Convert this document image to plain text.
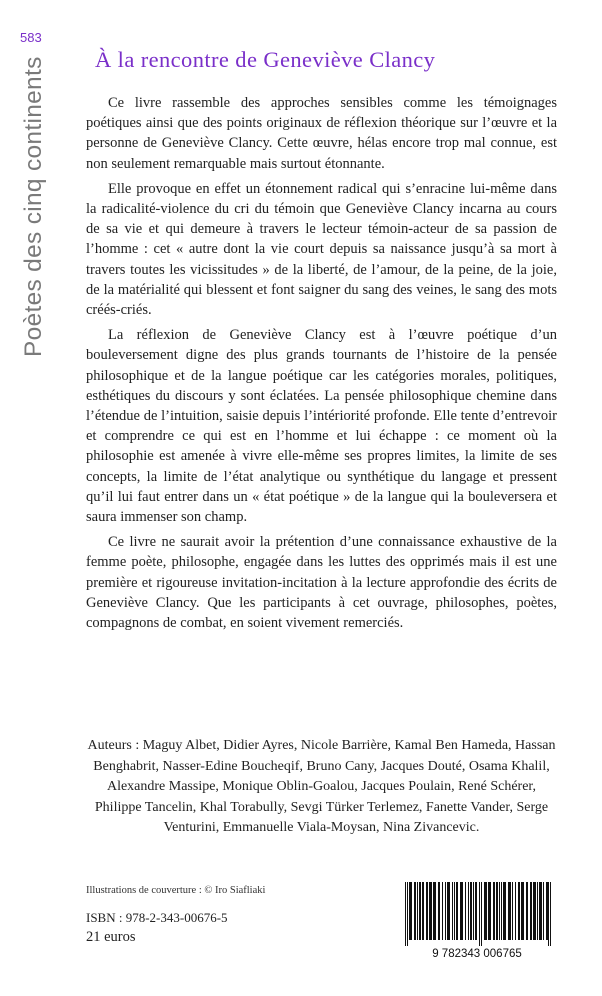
583
Poètes des cinq continents	À la rencontre de Geneviève Clancy

Ce livre rassemble des approches sensibles comme les témoignages poétiques ainsi que des points originaux de réflexion théorique sur l’œuvre et la personne de Geneviève Clancy. Cette œuvre, hélas encore trop mal connue, est non seulement remarquable mais surtout étonnante.

Elle provoque en effet un étonnement radical qui s’enracine lui-même dans la radicalité-violence du cri du témoin que Geneviève Clancy incarna au cours de sa vie et qui demeure à travers le lecteur témoin-acteur de sa passion de l’homme : cet « autre dont la vie court depuis sa naissance jusqu’à sa mort à travers toutes les vicissitudes » de la liberté, de l’amour, de la peine, de la joie, de la matérialité qui blessent et font saigner du sang des veines, le sang des mots créés-criés.

La réflexion de Geneviève Clancy est à l’œuvre poétique d’un bouleversement digne des plus grands tournants de l’histoire de la pensée philosophique et de la langue poétique car les catégories morales, politiques, esthétiques du discours y sont éclatées. La pensée philosophique chemine dans l’étendue de l’intuition, saisie depuis l’intériorité profonde. Elle tente d’entrevoir et comprendre ce qui est en l’homme et lui échappe : ce moment où la philosophie est amenée à vivre elle-même ses propres limites, la limite de ses concepts, la limite de l’état analytique ou synthétique du langage et pressent qu’il lui faut entrer dans un « état poétique » de la langue qui la bouleversera et saura immenser son champ.

Ce livre ne saurait avoir la prétention d’une connaissance exhaustive de la femme poète, philosophe, engagée dans les luttes des opprimés mais il est une première et rigoureuse invitation-incitation à la lecture approfondie des écrits de Geneviève Clancy. Que les participants à cet ouvrage, philosophes, poètes, compagnons de combat, en soient vivement remerciés.

Auteurs : Maguy Albet, Didier Ayres, Nicole Barrière, Kamal Ben Hameda, Hassan Benghabrit, Nasser-Edine Boucheqif, Bruno Cany, Jacques Douté, Osama Khalil, Alexandre Massipe, Monique Oblin-Goalou, Jacques Poulain, René Schérer, Philippe Tancelin, Khal Torabully, Sevgi Türker Terlemez, Fanette Vander, Serge Venturini, Emmanuelle Viala-Moysan, Nina Zivancevic.
Illustrations de couverture : © Iro Siafliaki
ISBN : 978-2-343-00676-5
21 euros
9 782343 006765
